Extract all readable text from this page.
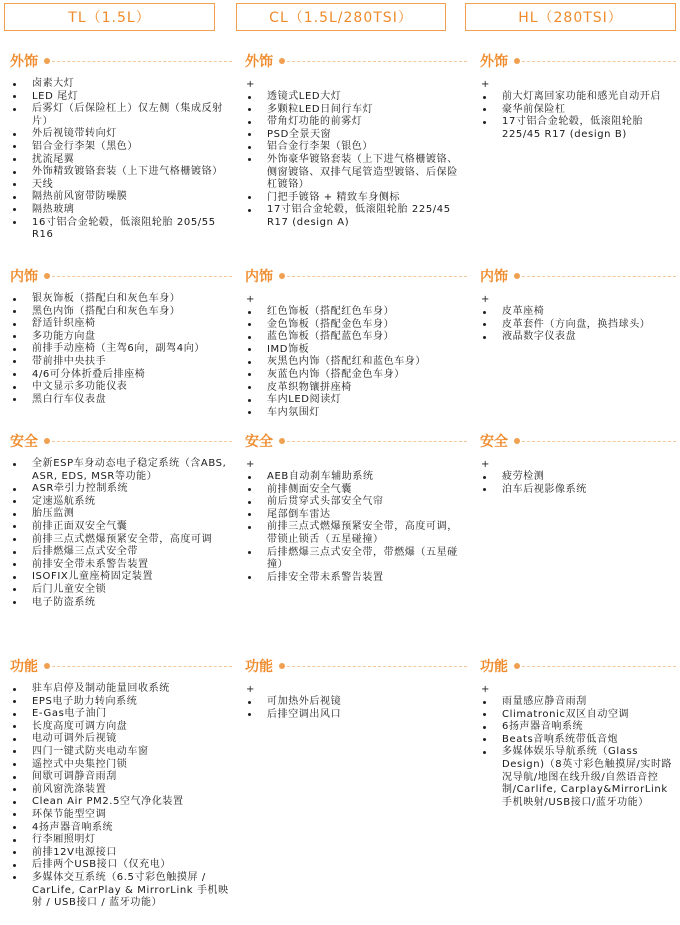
TL（1.5L）	CL（1.5L/280TSI）	HL（280TSI）
外饰
卤素大灯
LED 尾灯
后雾灯（后保险杠上）仅左侧（集成反射片）
外后视镜带转向灯
铝合金行李架（黑色）
扰流尾翼
外饰精致镀铬套装（上下进气格栅镀铬）
天线
隔热前风窗带防噪膜
隔热玻璃
16寸铝合金轮毂，低滚阻轮胎 205/55 R16
内饰
银灰饰板（搭配白和灰色车身）
黑色内饰（搭配白和灰色车身）
舒适针织座椅
多功能方向盘
前排手动座椅（主驾6向，副驾4向）
带前排中央扶手
4/6可分体折叠后排座椅
中文显示多功能仪表
黑白行车仪表盘
安全
全新ESP车身动态电子稳定系统（含ABS, ASR, EDS, MSR等功能）
ASR牵引力控制系统
定速巡航系统
胎压监测
前排正面双安全气囊
前排三点式燃爆预紧安全带，高度可调
后排燃爆三点式安全带
前排安全带未系警告装置
ISOFIX儿童座椅固定装置
后门儿童安全锁
电子防盗系统
功能
驻车启停及制动能量回收系统
EPS电子助力转向系统
E-Gas电子油门
长度高度可调方向盘
电动可调外后视镜
四门一键式防夹电动车窗
遥控式中央集控门锁
间歇可调静音雨刮
前风窗洗涤装置
Clean Air PM2.5空气净化装置
环保节能型空调
4扬声器音响系统
行李厢照明灯
前排12V电源接口
后排两个USB接口（仅充电）
多媒体交互系统（6.5寸彩色触摸屏 / CarLife, CarPlay & MirrorLink 手机映射 / USB接口 / 蓝牙功能）
外饰
+
透镜式LED大灯
多颗粒LED日间行车灯
带角灯功能的前雾灯
PSD全景天窗
铝合金行李架（银色）
外饰豪华镀铬套装（上下进气格栅镀铬、侧窗镀铬、双排气尾管造型镀铬、后保险杠镀铬）
门把手镀铬 + 精致车身侧标
17寸铝合金轮毂，低滚阻轮胎 225/45 R17 (design A)
内饰
+
红色饰板（搭配红色车身）
金色饰板（搭配金色车身）
蓝色饰板（搭配蓝色车身）
IMD饰板
灰黑色内饰（搭配红和蓝色车身）
灰蓝色内饰（搭配金色车身）
皮革织物镶拼座椅
车内LED阅读灯
车内氛围灯
安全
+
AEB自动刹车辅助系统
前排侧面安全气囊
前后贯穿式头部安全气帘
尾部倒车雷达
前排三点式燃爆预紧安全带，高度可调，带锁止锁舌（五星碰撞）
后排燃爆三点式安全带，带燃爆（五星碰撞）
后排安全带未系警告装置
功能
+
可加热外后视镜
后排空调出风口
外饰
+
前大灯离回家功能和感光自动开启
豪华前保险杠
17寸铝合金轮毂，低滚阻轮胎 225/45 R17 (design B)
内饰
+
皮革座椅
皮革套件（方向盘，换挡球头）
液晶数字仪表盘
安全
+
疲劳检测
泊车后视影像系统
功能
+
雨量感应静音雨刮
Climatronic双区自动空调
6扬声器音响系统
Beats音响系统带低音炮
多媒体娱乐导航系统（Glass Design)（8英寸彩色触摸屏/实时路况导航/地图在线升级/自然语音控制/Carlife, Carplay&MirrorLink手机映射/USB接口/蓝牙功能）
